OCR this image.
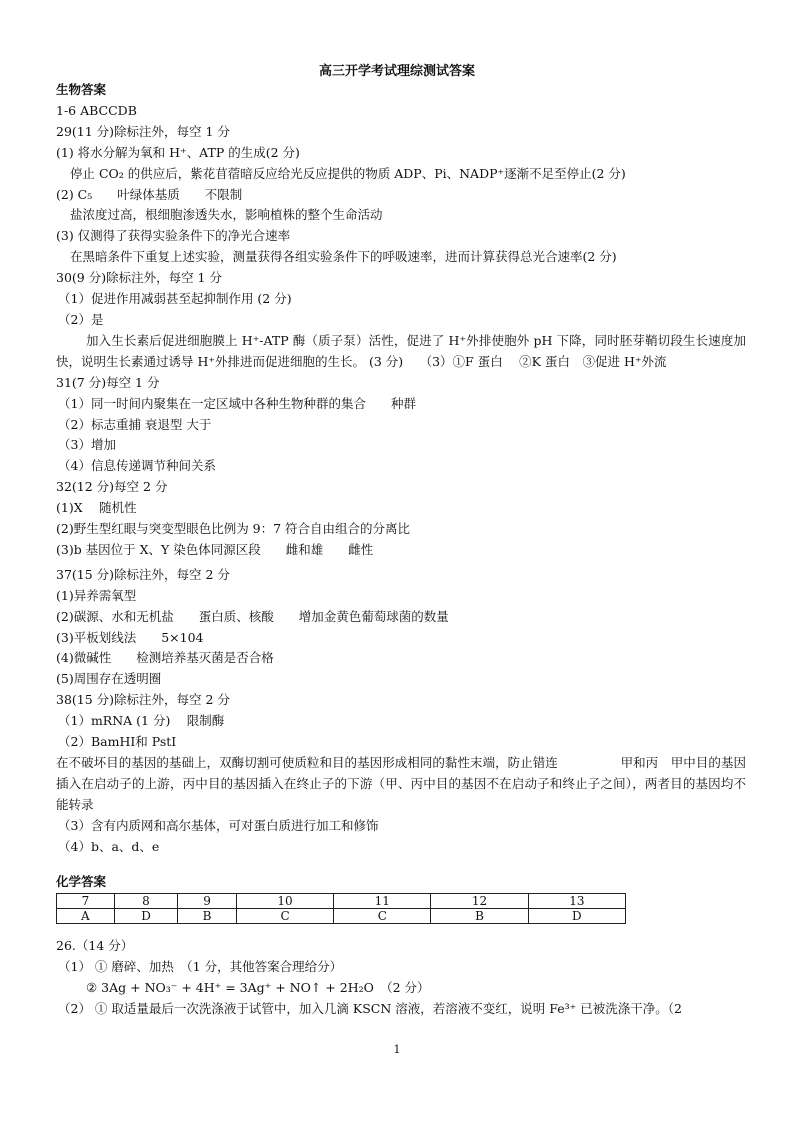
高三开学考试理综测试答案
生物答案
1-6 ABCCDB
29(11 分)除标注外，每空 1 分
(1) 将水分解为氧和 H⁺、ATP 的生成(2 分)
停止 CO₂ 的供应后，紫花苜蓿暗反应给光反应提供的物质 ADP、Pi、NADP⁺逐渐不足至停止(2 分)
(2) C₅　　叶绿体基质　　不限制
盐浓度过高，根细胞渗透失水，影响植株的整个生命活动
(3) 仅测得了获得实验条件下的净光合速率
在黑暗条件下重复上述实验，测量获得各组实验条件下的呼吸速率，进而计算获得总光合速率(2 分)
30(9 分)除标注外，每空 1 分
（1）促进作用减弱甚至起抑制作用 (2 分)
（2）是
加入生长素后促进细胞膜上 H⁺-ATP 酶（质子泵）活性，促进了 H⁺外排使胞外 pH 下降，同时胚芽鞘切段生长速度加快，说明生长素通过诱导 H⁺外排进而促进细胞的生长。 (3 分)　 （3）①F 蛋白　 ②K 蛋白　③促进 H⁺外流
31(7 分)每空 1 分
（1）同一时间内聚集在一定区域中各种生物种群的集合　　种群
（2）标志重捕 衰退型 大于
（3）增加
（4）信息传递调节种间关系
32(12 分)每空 2 分
(1)X　 随机性
(2)野生型红眼与突变型眼色比例为 9：7 符合自由组合的分离比
(3)b 基因位于 X、Y 染色体同源区段　　雌和雄　　雌性
37(15 分)除标注外，每空 2 分
(1)异养需氧型
(2)碳源、水和无机盐　　蛋白质、核酸　　增加金黄色葡萄球菌的数量
(3)平板划线法　　5×104
(4)微碱性　　检测培养基灭菌是否合格
(5)周围存在透明圈
38(15 分)除标注外，每空 2 分
（1）mRNA (1 分)　 限制酶
（2）BamHI和 PstI
在不破坏目的基因的基础上，双酶切割可使质粒和目的基因形成相同的黏性末端，防止错连　　　　　甲和丙　甲中目的基因插入在启动子的上游，丙中目的基因插入在终止子的下游（甲、丙中目的基因不在启动子和终止子之间），两者目的基因均不能转录
（3）含有内质网和高尔基体，可对蛋白质进行加工和修饰
（4）b、a、d、e
化学答案
7	8	9	10	11	12	13
A	D	B	C	C	B	D
26.（14 分）
（1） ① 磨碎、加热　（1 分，其他答案合理给分）
② 3Ag + NO₃⁻ + 4H⁺ = 3Ag⁺ + NO↑ + 2H₂O　（2 分）
（2） ① 取适量最后一次洗涤液于试管中，加入几滴 KSCN 溶液，若溶液不变红，说明 Fe³⁺ 已被洗涤干净。（2
1
